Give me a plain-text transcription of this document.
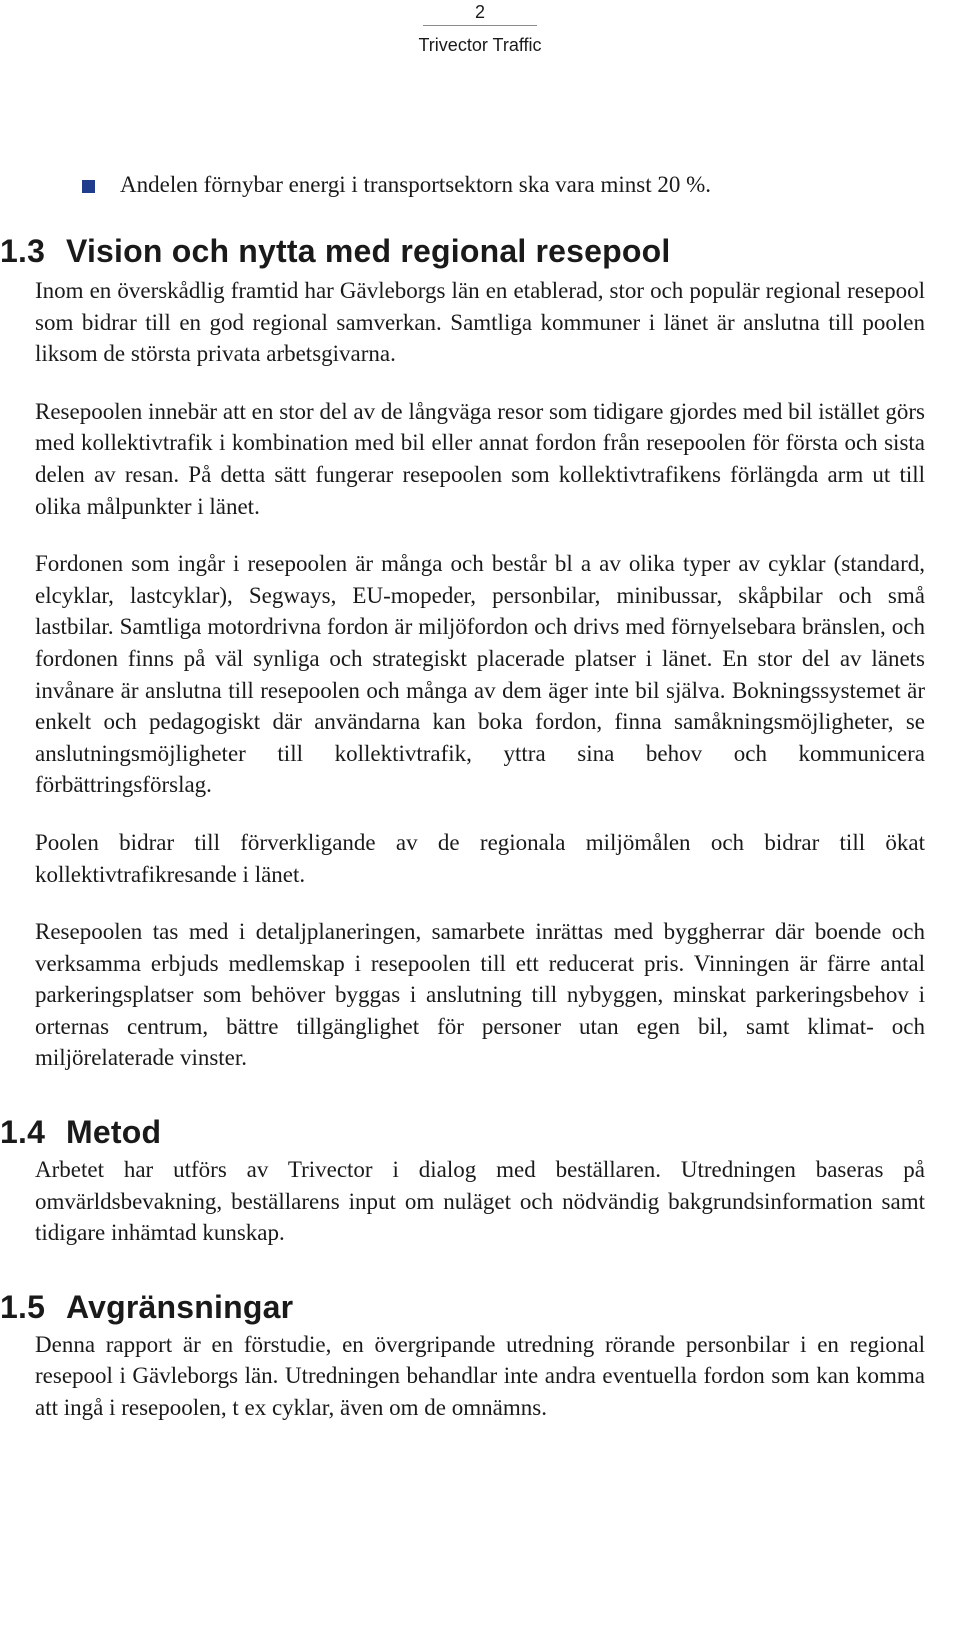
2
Trivector Traffic
Andelen förnybar energi i transportsektorn ska vara minst 20 %.
1.3 Vision och nytta med regional resepool

Inom en överskådlig framtid har Gävleborgs län en etablerad, stor och populär regional resepool som bidrar till en god regional samverkan. Samtliga kommuner i länet är anslutna till poolen liksom de största privata arbetsgivarna.

Resepoolen innebär att en stor del av de långväga resor som tidigare gjordes med bil istället görs med kollektivtrafik i kombination med bil eller annat fordon från resepoolen för första och sista delen av resan. På detta sätt fungerar resepoolen som kollektivtrafikens förlängda arm ut till olika målpunkter i länet.

Fordonen som ingår i resepoolen är många och består bl a av olika typer av cyklar (standard, elcyklar, lastcyklar), Segways, EU-mopeder, personbilar, minibussar, skåpbilar och små lastbilar. Samtliga motordrivna fordon är miljöfordon och drivs med förnyelsebara bränslen, och fordonen finns på väl synliga och strategiskt placerade platser i länet. En stor del av länets invånare är anslutna till resepoolen och många av dem äger inte bil själva. Bokningssystemet är enkelt och pedagogiskt där användarna kan boka fordon, finna samåkningsmöjligheter, se anslutningsmöjligheter till kollektivtrafik, yttra sina behov och kommunicera förbättringsförslag.

Poolen bidrar till förverkligande av de regionala miljömålen och bidrar till ökat kollektivtrafikresande i länet.

Resepoolen tas med i detaljplaneringen, samarbete inrättas med byggherrar där boende och verksamma erbjuds medlemskap i resepoolen till ett reducerat pris. Vinningen är färre antal parkeringsplatser som behöver byggas i anslutning till nybyggen, minskat parkeringsbehov i orternas centrum, bättre tillgänglighet för personer utan egen bil, samt klimat- och miljörelaterade vinster.

1.4 Metod

Arbetet har utförs av Trivector i dialog med beställaren. Utredningen baseras på omvärldsbevakning, beställarens input om nuläget och nödvändig bakgrundsinformation samt tidigare inhämtad kunskap.

1.5 Avgränsningar

Denna rapport är en förstudie, en övergripande utredning rörande personbilar i en regional resepool i Gävleborgs län. Utredningen behandlar inte andra eventuella fordon som kan komma att ingå i resepoolen, t ex cyklar, även om de omnämns.
